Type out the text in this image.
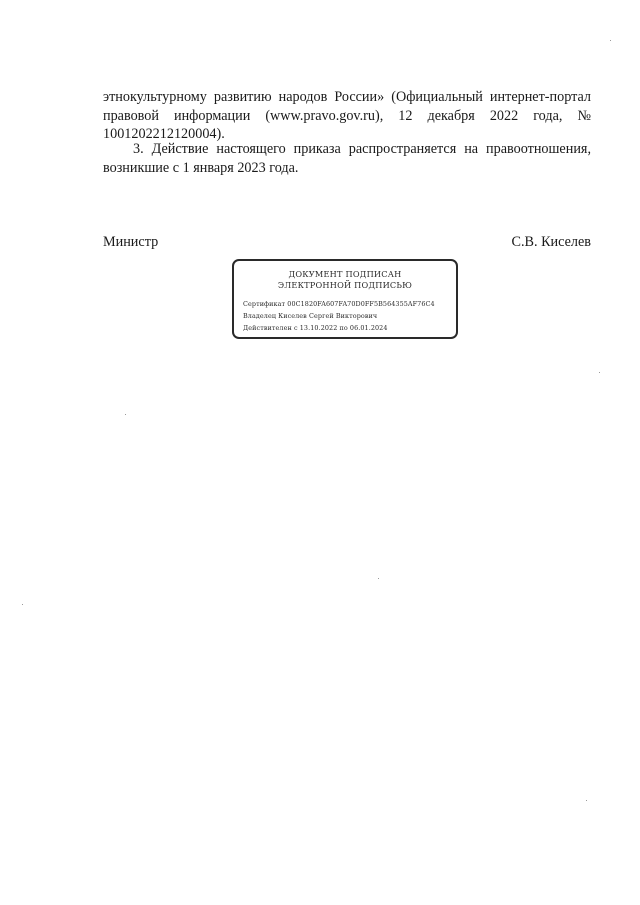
этнокультурному развитию народов России» (Официальный интернет-портал
правовой информации (www.pravo.gov.ru), 12 декабря 2022 года, №
1001202212120004).
3. Действие настоящего приказа распространяется на правоотношения,
возникшие с 1 января 2023 года.
Министр	С.В. Киселев
ДОКУМЕНТ ПОДПИСАН
ЭЛЕКТРОННОЙ ПОДПИСЬЮ
Сертификат 00C1820FA607FA70D0FF5B564355AF76C4
Владелец Киселев Сергей Викторович
Действителен с 13.10.2022 по 06.01.2024
